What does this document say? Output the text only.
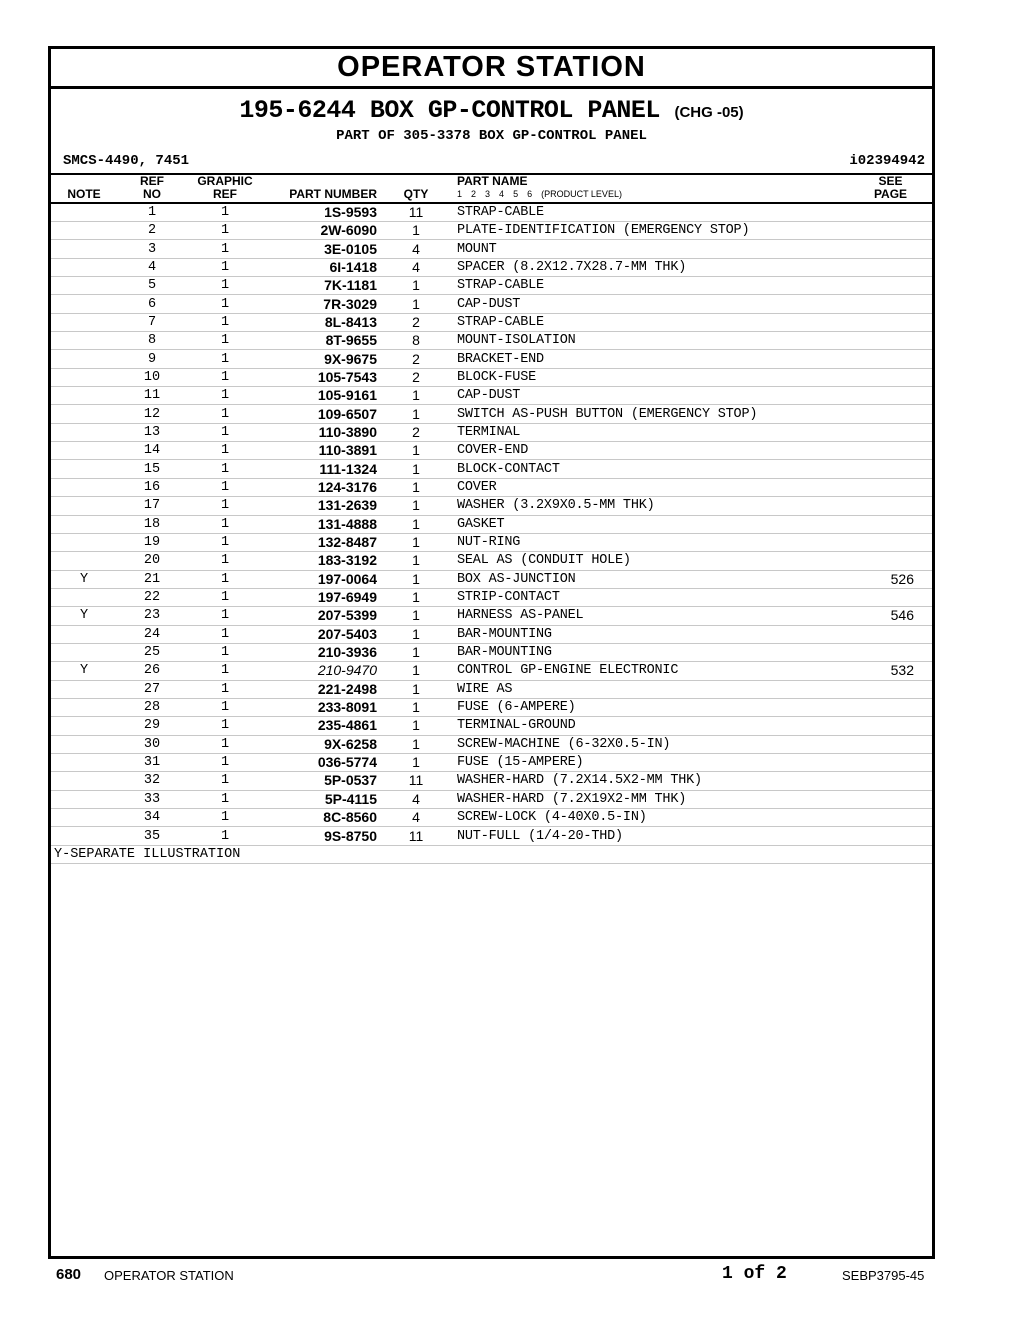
OPERATOR STATION
195-6244 BOX GP-CONTROL PANEL (CHG -05)
PART OF 305-3378 BOX GP-CONTROL PANEL
SMCS-4490, 7451	i02394942
	REF	GRAPHIC			PART NAME	SEE
NOTE	NO	REF	PART NUMBER	QTY	1 2 3 4 5 6 (PRODUCT LEVEL)	PAGE
	1	1	1S-9593	11	STRAP-CABLE	
	2	1	2W-6090	1	PLATE-IDENTIFICATION (EMERGENCY STOP)	
	3	1	3E-0105	4	MOUNT	
	4	1	6I-1418	4	SPACER (8.2X12.7X28.7-MM THK)	
	5	1	7K-1181	1	STRAP-CABLE	
	6	1	7R-3029	1	CAP-DUST	
	7	1	8L-8413	2	STRAP-CABLE	
	8	1	8T-9655	8	MOUNT-ISOLATION	
	9	1	9X-9675	2	BRACKET-END	
	10	1	105-7543	2	BLOCK-FUSE	
	11	1	105-9161	1	CAP-DUST	
	12	1	109-6507	1	SWITCH AS-PUSH BUTTON (EMERGENCY STOP)	
	13	1	110-3890	2	TERMINAL	
	14	1	110-3891	1	COVER-END	
	15	1	111-1324	1	BLOCK-CONTACT	
	16	1	124-3176	1	COVER	
	17	1	131-2639	1	WASHER (3.2X9X0.5-MM THK)	
	18	1	131-4888	1	GASKET	
	19	1	132-8487	1	NUT-RING	
	20	1	183-3192	1	SEAL AS (CONDUIT HOLE)	
Y	21	1	197-0064	1	BOX AS-JUNCTION	526
	22	1	197-6949	1	STRIP-CONTACT	
Y	23	1	207-5399	1	HARNESS AS-PANEL	546
	24	1	207-5403	1	BAR-MOUNTING	
	25	1	210-3936	1	BAR-MOUNTING	
Y	26	1	210-9470	1	CONTROL GP-ENGINE ELECTRONIC	532
	27	1	221-2498	1	WIRE AS	
	28	1	233-8091	1	FUSE (6-AMPERE)	
	29	1	235-4861	1	TERMINAL-GROUND	
	30	1	9X-6258	1	SCREW-MACHINE (6-32X0.5-IN)	
	31	1	036-5774	1	FUSE (15-AMPERE)	
	32	1	5P-0537	11	WASHER-HARD (7.2X14.5X2-MM THK)	
	33	1	5P-4115	4	WASHER-HARD (7.2X19X2-MM THK)	
	34	1	8C-8560	4	SCREW-LOCK (4-40X0.5-IN)	
	35	1	9S-8750	11	NUT-FULL (1/4-20-THD)	
Y-SEPARATE ILLUSTRATION						
680 OPERATOR STATION	1 of 2	SEBP3795-45
